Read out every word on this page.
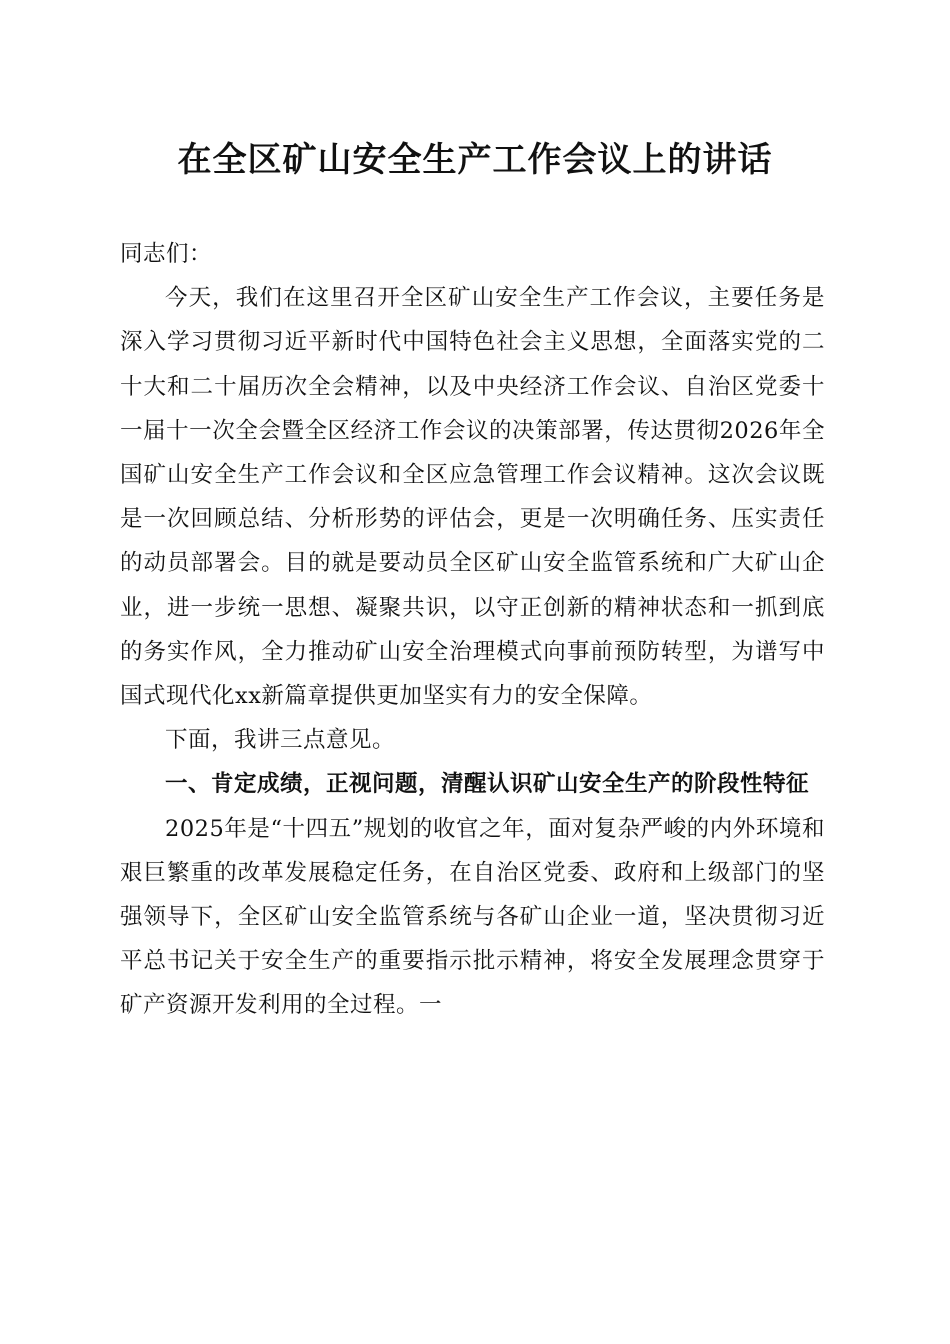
在全区矿山安全生产工作会议上的讲话

同志们：

今天，我们在这里召开全区矿山安全生产工作会议，主要任务是深入学习贯彻习近平新时代中国特色社会主义思想，全面落实党的二十大和二十届历次全会精神，以及中央经济工作会议、自治区党委十一届十一次全会暨全区经济工作会议的决策部署，传达贯彻2026年全国矿山安全生产工作会议和全区应急管理工作会议精神。这次会议既是一次回顾总结、分析形势的评估会，更是一次明确任务、压实责任的动员部署会。目的就是要动员全区矿山安全监管系统和广大矿山企业，进一步统一思想、凝聚共识，以守正创新的精神状态和一抓到底的务实作风，全力推动矿山安全治理模式向事前预防转型，为谱写中国式现代化xx新篇章提供更加坚实有力的安全保障。

下面，我讲三点意见。

一、肯定成绩，正视问题，清醒认识矿山安全生产的阶段性特征

2025年是“十四五”规划的收官之年，面对复杂严峻的内外环境和艰巨繁重的改革发展稳定任务，在自治区党委、政府和上级部门的坚强领导下，全区矿山安全监管系统与各矿山企业一道，坚决贯彻习近平总书记关于安全生产的重要指示批示精神，将安全发展理念贯穿于矿产资源开发利用的全过程。一
